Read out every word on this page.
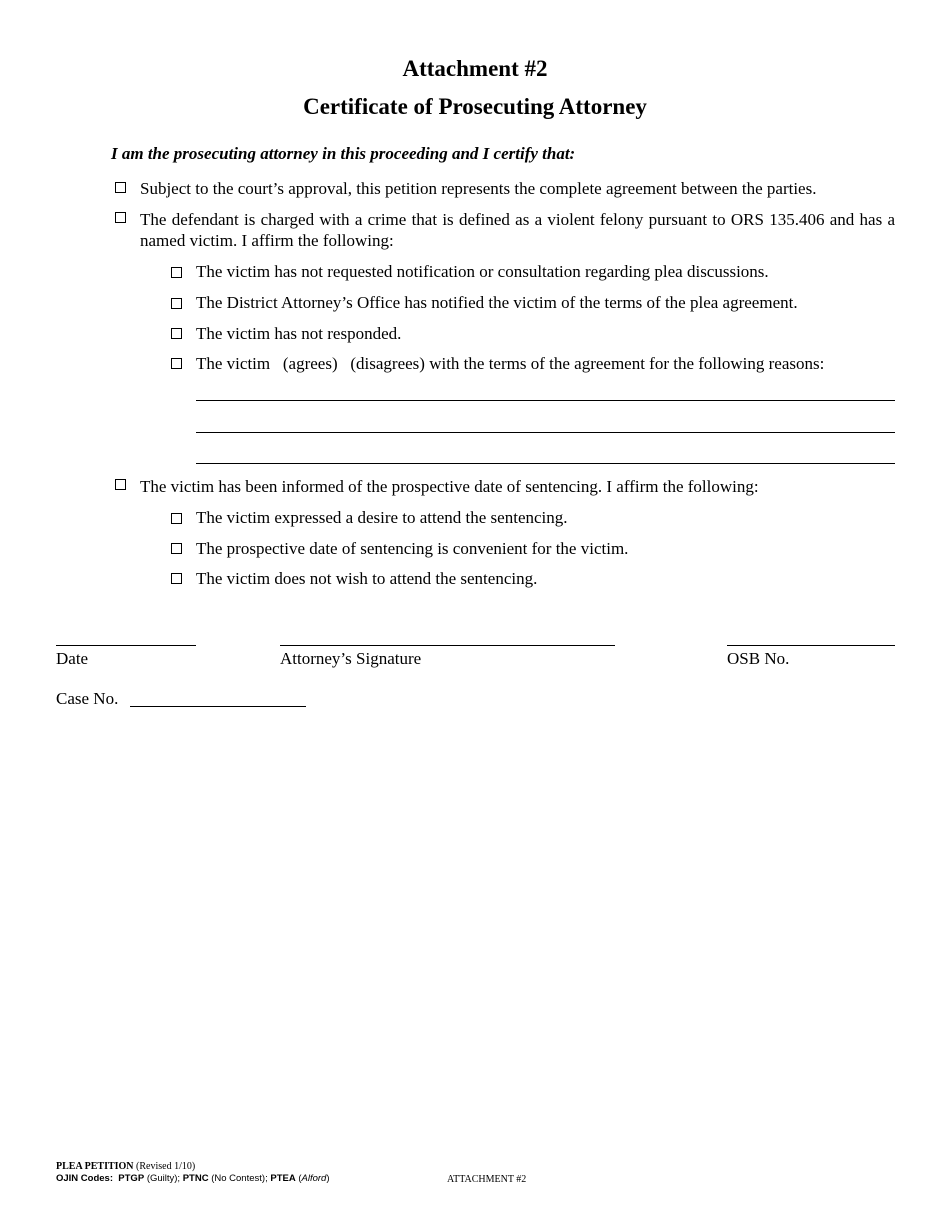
Attachment #2
Certificate of Prosecuting Attorney
I am the prosecuting attorney in this proceeding and I certify that:
Subject to the court’s approval, this petition represents the complete agreement between the parties.
The defendant is charged with a crime that is defined as a violent felony pursuant to ORS 135.406 and has a named victim. I affirm the following:
The victim has not requested notification or consultation regarding plea discussions.
The District Attorney’s Office has notified the victim of the terms of the plea agreement.
The victim has not responded.
The victim (agrees) (disagrees) with the terms of the agreement for the following reasons:
The victim has been informed of the prospective date of sentencing. I affirm the following:
The victim expressed a desire to attend the sentencing.
The prospective date of sentencing is convenient for the victim.
The victim does not wish to attend the sentencing.
Date	Attorney’s Signature	OSB No.
Case No.
PLEA PETITION (Revised 1/10)
OJIN Codes: PTGP (Guilty); PTNC (No Contest); PTEA (Alford)	ATTACHMENT #2
